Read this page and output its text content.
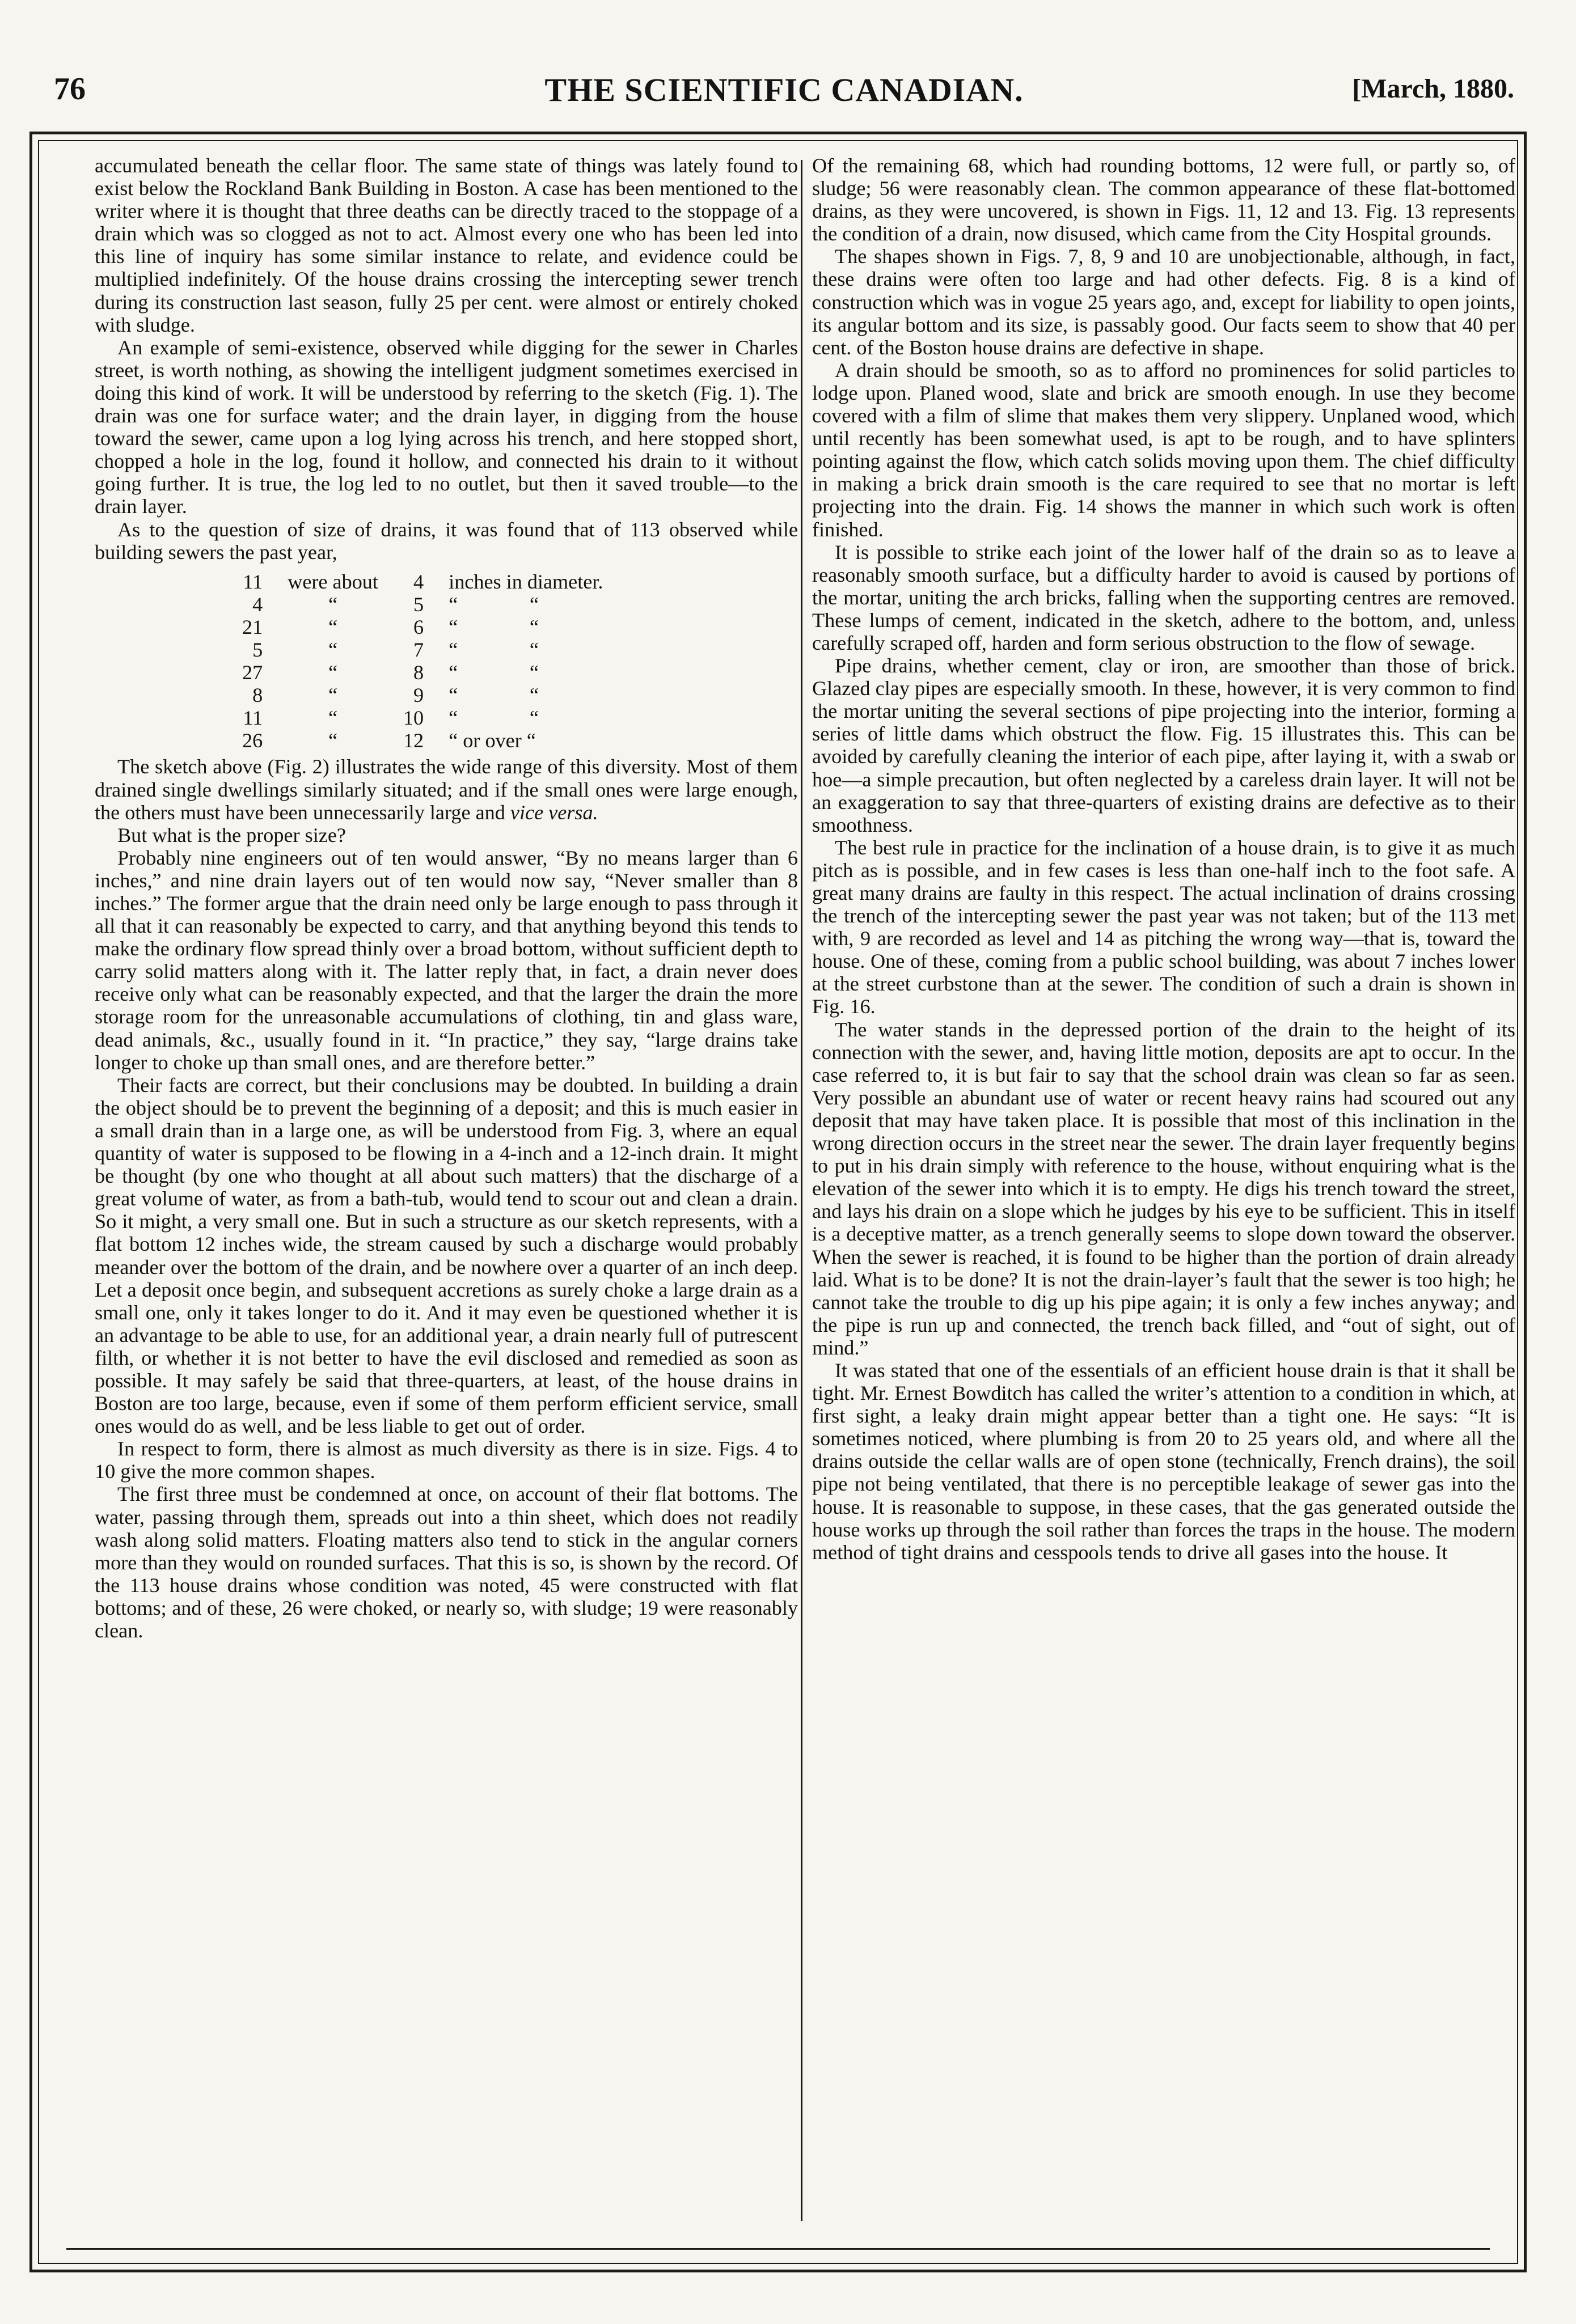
76	THE SCIENTIFIC CANADIAN.	[March, 1880.

accumulated beneath the cellar floor. The same state of things was lately found to exist below the Rockland Bank Building in Boston. A case has been mentioned to the writer where it is thought that three deaths can be directly traced to the stoppage of a drain which was so clogged as not to act. Almost every one who has been led into this line of inquiry has some similar instance to relate, and evidence could be multiplied indefinitely. Of the house drains crossing the intercepting sewer trench during its construction last season, fully 25 per cent. were almost or entirely choked with sludge.

An example of semi-existence, observed while digging for the sewer in Charles street, is worth nothing, as showing the intelligent judgment sometimes exercised in doing this kind of work. It will be understood by referring to the sketch (Fig. 1). The drain was one for surface water; and the drain layer, in digging from the house toward the sewer, came upon a log lying across his trench, and here stopped short, chopped a hole in the log, found it hollow, and connected his drain to it without going further. It is true, the log led to no outlet, but then it saved trouble—to the drain layer.

As to the question of size of drains, it was found that of 113 observed while building sewers the past year,

11	were about	4	inches in diameter.
4	“	5	“              “
21	“	6	“              “
5	“	7	“              “
27	“	8	“              “
8	“	9	“              “
11	“	10	“              “
26	“	12	“ or over “

The sketch above (Fig. 2) illustrates the wide range of this diversity. Most of them drained single dwellings similarly situated; and if the small ones were large enough, the others must have been unnecessarily large and vice versa.

But what is the proper size?

Probably nine engineers out of ten would answer, “By no means larger than 6 inches,” and nine drain layers out of ten would now say, “Never smaller than 8 inches.” The former argue that the drain need only be large enough to pass through it all that it can reasonably be expected to carry, and that anything beyond this tends to make the ordinary flow spread thinly over a broad bottom, without sufficient depth to carry solid matters along with it. The latter reply that, in fact, a drain never does receive only what can be reasonably expected, and that the larger the drain the more storage room for the unreasonable accumulations of clothing, tin and glass ware, dead animals, &c., usually found in it. “In practice,” they say, “large drains take longer to choke up than small ones, and are therefore better.”

Their facts are correct, but their conclusions may be doubted. In building a drain the object should be to prevent the beginning of a deposit; and this is much easier in a small drain than in a large one, as will be understood from Fig. 3, where an equal quantity of water is supposed to be flowing in a 4-inch and a 12-inch drain. It might be thought (by one who thought at all about such matters) that the discharge of a great volume of water, as from a bath-tub, would tend to scour out and clean a drain. So it might, a very small one. But in such a structure as our sketch represents, with a flat bottom 12 inches wide, the stream caused by such a discharge would probably meander over the bottom of the drain, and be nowhere over a quarter of an inch deep. Let a deposit once begin, and subsequent accretions as surely choke a large drain as a small one, only it takes longer to do it. And it may even be questioned whether it is an advantage to be able to use, for an additional year, a drain nearly full of putrescent filth, or whether it is not better to have the evil disclosed and remedied as soon as possible. It may safely be said that three-quarters, at least, of the house drains in Boston are too large, because, even if some of them perform efficient service, small ones would do as well, and be less liable to get out of order.

In respect to form, there is almost as much diversity as there is in size. Figs. 4 to 10 give the more common shapes.

The first three must be condemned at once, on account of their flat bottoms. The water, passing through them, spreads out into a thin sheet, which does not readily wash along solid matters. Floating matters also tend to stick in the angular corners more than they would on rounded surfaces. That this is so, is shown by the record. Of the 113 house drains whose condition was noted, 45 were constructed with flat bottoms; and of these, 26 were choked, or nearly so, with sludge; 19 were reasonably clean.

Of the remaining 68, which had rounding bottoms, 12 were full, or partly so, of sludge; 56 were reasonably clean. The common appearance of these flat-bottomed drains, as they were uncovered, is shown in Figs. 11, 12 and 13. Fig. 13 represents the condition of a drain, now disused, which came from the City Hospital grounds.

The shapes shown in Figs. 7, 8, 9 and 10 are unobjectionable, although, in fact, these drains were often too large and had other defects. Fig. 8 is a kind of construction which was in vogue 25 years ago, and, except for liability to open joints, its angular bottom and its size, is passably good. Our facts seem to show that 40 per cent. of the Boston house drains are defective in shape.

A drain should be smooth, so as to afford no prominences for solid particles to lodge upon. Planed wood, slate and brick are smooth enough. In use they become covered with a film of slime that makes them very slippery. Unplaned wood, which until recently has been somewhat used, is apt to be rough, and to have splinters pointing against the flow, which catch solids moving upon them. The chief difficulty in making a brick drain smooth is the care required to see that no mortar is left projecting into the drain. Fig. 14 shows the manner in which such work is often finished.

It is possible to strike each joint of the lower half of the drain so as to leave a reasonably smooth surface, but a difficulty harder to avoid is caused by portions of the mortar, uniting the arch bricks, falling when the supporting centres are removed. These lumps of cement, indicated in the sketch, adhere to the bottom, and, unless carefully scraped off, harden and form serious obstruction to the flow of sewage.

Pipe drains, whether cement, clay or iron, are smoother than those of brick. Glazed clay pipes are especially smooth. In these, however, it is very common to find the mortar uniting the several sections of pipe projecting into the interior, forming a series of little dams which obstruct the flow. Fig. 15 illustrates this. This can be avoided by carefully cleaning the interior of each pipe, after laying it, with a swab or hoe—a simple precaution, but often neglected by a careless drain layer. It will not be an exaggeration to say that three-quarters of existing drains are defective as to their smoothness.

The best rule in practice for the inclination of a house drain, is to give it as much pitch as is possible, and in few cases is less than one-half inch to the foot safe. A great many drains are faulty in this respect. The actual inclination of drains crossing the trench of the intercepting sewer the past year was not taken; but of the 113 met with, 9 are recorded as level and 14 as pitching the wrong way—that is, toward the house. One of these, coming from a public school building, was about 7 inches lower at the street curbstone than at the sewer. The condition of such a drain is shown in Fig. 16.

The water stands in the depressed portion of the drain to the height of its connection with the sewer, and, having little motion, deposits are apt to occur. In the case referred to, it is but fair to say that the school drain was clean so far as seen. Very possible an abundant use of water or recent heavy rains had scoured out any deposit that may have taken place. It is possible that most of this inclination in the wrong direction occurs in the street near the sewer. The drain layer frequently begins to put in his drain simply with reference to the house, without enquiring what is the elevation of the sewer into which it is to empty. He digs his trench toward the street, and lays his drain on a slope which he judges by his eye to be sufficient. This in itself is a deceptive matter, as a trench generally seems to slope down toward the observer. When the sewer is reached, it is found to be higher than the portion of drain already laid. What is to be done? It is not the drain-layer’s fault that the sewer is too high; he cannot take the trouble to dig up his pipe again; it is only a few inches anyway; and the pipe is run up and connected, the trench back filled, and “out of sight, out of mind.”

It was stated that one of the essentials of an efficient house drain is that it shall be tight. Mr. Ernest Bowditch has called the writer’s attention to a condition in which, at first sight, a leaky drain might appear better than a tight one. He says: “It is sometimes noticed, where plumbing is from 20 to 25 years old, and where all the drains outside the cellar walls are of open stone (technically, French drains), the soil pipe not being ventilated, that there is no perceptible leakage of sewer gas into the house. It is reasonable to suppose, in these cases, that the gas generated outside the house works up through the soil rather than forces the traps in the house. The modern method of tight drains and cesspools tends to drive all gases into the house. It
